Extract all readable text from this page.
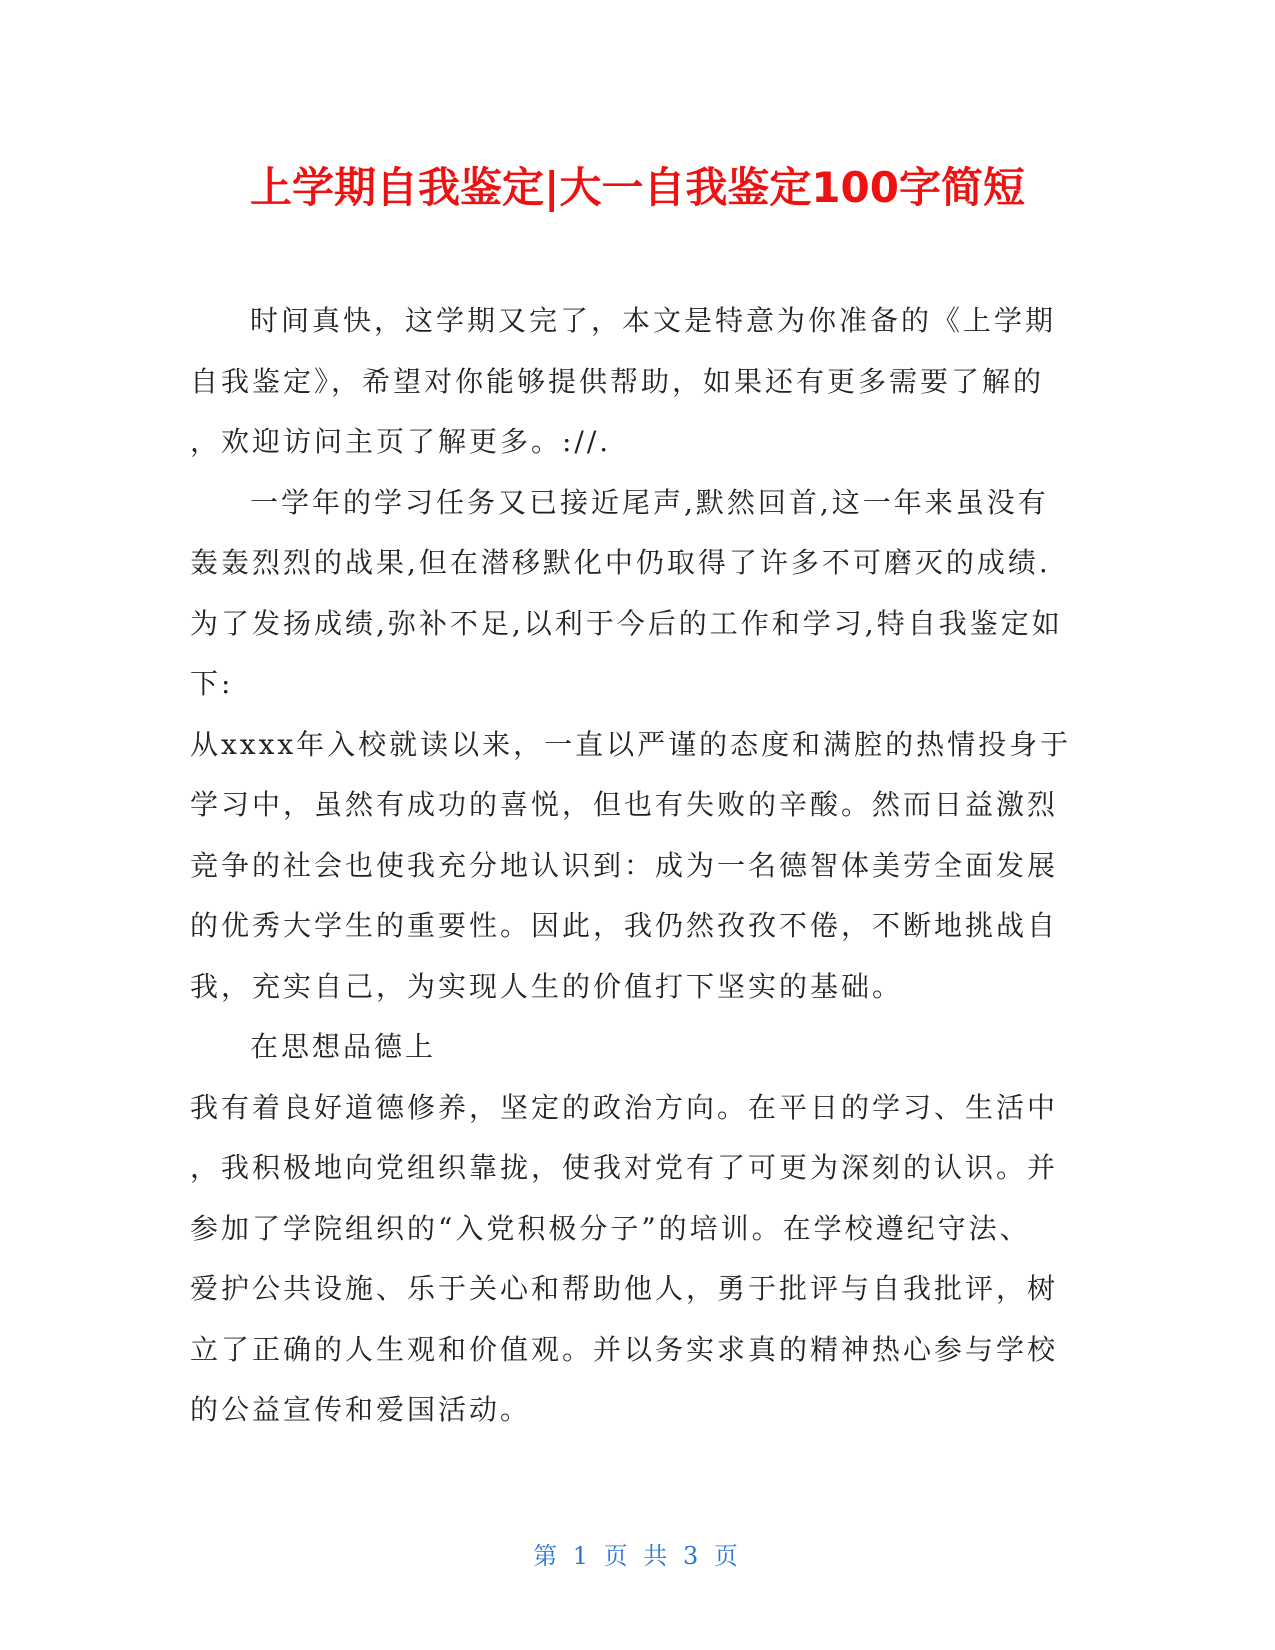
上学期自我鉴定|大一自我鉴定100字简短

时间真快，这学期又完了，本文是特意为你准备的《上学期

自我鉴定》，希望对你能够提供帮助，如果还有更多需要了解的

，欢迎访问主页了解更多。://.

一学年的学习任务又已接近尾声,默然回首,这一年来虽没有

轰轰烈烈的战果,但在潜移默化中仍取得了许多不可磨灭的成绩.

为了发扬成绩,弥补不足,以利于今后的工作和学习,特自我鉴定如

下:

从xxxx年入校就读以来，一直以严谨的态度和满腔的热情投身于

学习中，虽然有成功的喜悦，但也有失败的辛酸。然而日益激烈

竞争的社会也使我充分地认识到：成为一名德智体美劳全面发展

的优秀大学生的重要性。因此，我仍然孜孜不倦，不断地挑战自

我，充实自己，为实现人生的价值打下坚实的基础。

在思想品德上

我有着良好道德修养，坚定的政治方向。在平日的学习、生活中

，我积极地向党组织靠拢，使我对党有了可更为深刻的认识。并

参加了学院组织的“入党积极分子”的培训。在学校遵纪守法、

爱护公共设施、乐于关心和帮助他人，勇于批评与自我批评，树

立了正确的人生观和价值观。并以务实求真的精神热心参与学校

的公益宣传和爱国活动。

第 1 页 共 3 页
